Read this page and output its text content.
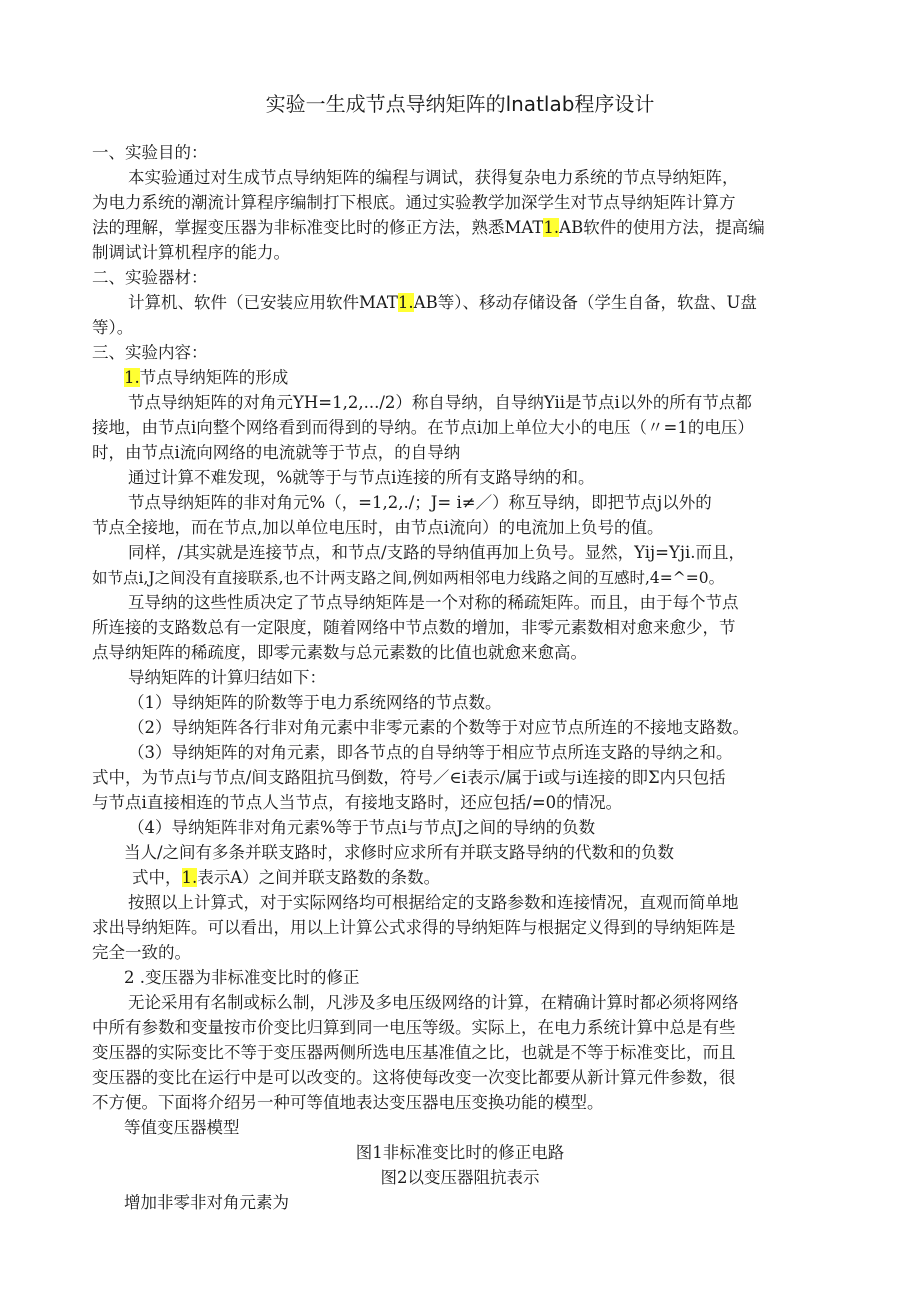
实验一生成节点导纳矩阵的lnatlab程序设计
一、实验目的：
本实验通过对生成节点导纳矩阵的编程与调试，获得复杂电力系统的节点导纳矩阵，
为电力系统的潮流计算程序编制打下根底。通过实验教学加深学生对节点导纳矩阵计算方
法的理解，掌握变压器为非标准变比时的修正方法，熟悉MAT1.AB软件的使用方法，提高编
制调试计算机程序的能力。
二、实验器材：
计算机、软件（已安装应用软件MAT1.AB等）、移动存储设备（学生自备，软盘、U盘
等）。
三、实验内容：
1.节点导纳矩阵的形成
节点导纳矩阵的对角元YH=1,2,.../2）称自导纳，自导纳Yii是节点i以外的所有节点都
接地，由节点i向整个网络看到而得到的导纳。在节点i加上单位大小的电压（〃=1的电压）
时，由节点i流向网络的电流就等于节点，的自导纳
通过计算不难发现，%就等于与节点i连接的所有支路导纳的和。
节点导纳矩阵的非对角元%（，=1,2,./；J= i≠／）称互导纳，即把节点j以外的
节点全接地，而在节点,加以单位电压时，由节点i流向）的电流加上负号的值。
同样，/其实就是连接节点，和节点/支路的导纳值再加上负号。显然，Yij=Yji.而且，
如节点i,J之间没有直接联系,也不计两支路之间,例如两相邻电力线路之间的互感时,4=^=0。
互导纳的这些性质决定了节点导纳矩阵是一个对称的稀疏矩阵。而且，由于每个节点
所连接的支路数总有一定限度，随着网络中节点数的增加，非零元素数相对愈来愈少，节
点导纳矩阵的稀疏度，即零元素数与总元素数的比值也就愈来愈高。
导纳矩阵的计算归结如下：
（1）导纳矩阵的阶数等于电力系统网络的节点数。
（2）导纳矩阵各行非对角元素中非零元素的个数等于对应节点所连的不接地支路数。
（3）导纳矩阵的对角元素，即各节点的自导纳等于相应节点所连支路的导纳之和。
式中，为节点i与节点/间支路阻抗马倒数，符号／∈i表示/属于i或与i连接的即Σ内只包括
与节点i直接相连的节点人当节点，有接地支路时，还应包括/=0的情况。
（4）导纳矩阵非对角元素%等于节点i与节点J之间的导纳的负数
当人/之间有多条并联支路时，求修时应求所有并联支路导纳的代数和的负数
式中，1.表示A）之间并联支路数的条数。
按照以上计算式，对于实际网络均可根据给定的支路参数和连接情况，直观而简单地
求出导纳矩阵。可以看出，用以上计算公式求得的导纳矩阵与根据定义得到的导纳矩阵是
完全一致的。
2 .变压器为非标准变比时的修正
无论采用有名制或标么制，凡涉及多电压级网络的计算，在精确计算时都必须将网络
中所有参数和变量按市价变比归算到同一电压等级。实际上，在电力系统计算中总是有些
变压器的实际变比不等于变压器两侧所选电压基准值之比，也就是不等于标准变比，而且
变压器的变比在运行中是可以改变的。这将使每改变一次变比都要从新计算元件参数，很
不方便。下面将介绍另一种可等值地表达变压器电压变换功能的模型。
等值变压器模型
图1非标准变比时的修正电路
图2以变压器阻抗表示
增加非零非对角元素为
